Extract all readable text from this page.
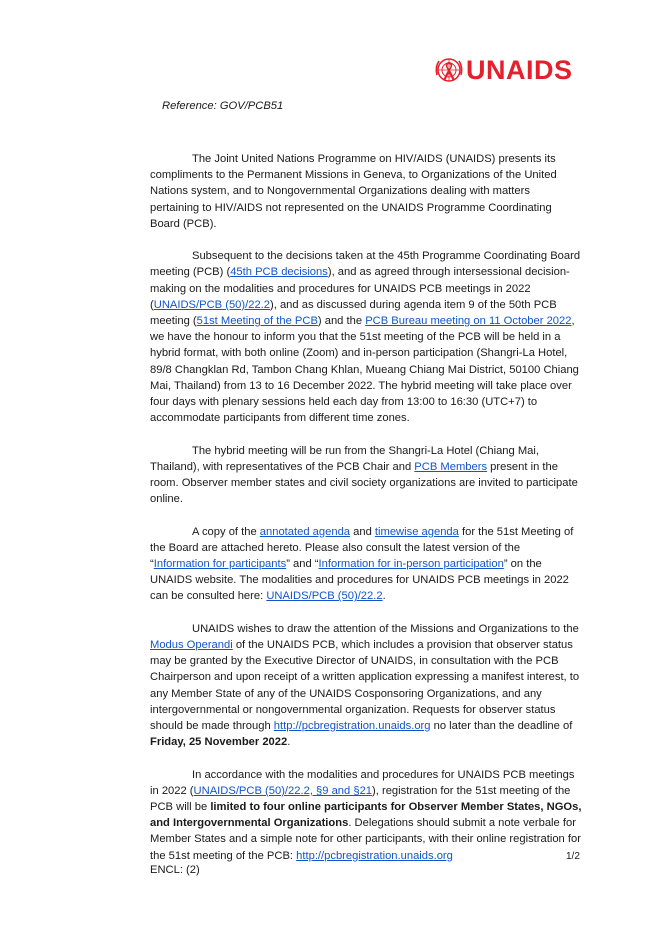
UNAIDS
Reference: GOV/PCB51

The Joint United Nations Programme on HIV/AIDS (UNAIDS) presents its compliments to the Permanent Missions in Geneva, to Organizations of the United Nations system, and to Nongovernmental Organizations dealing with matters pertaining to HIV/AIDS not represented on the UNAIDS Programme Coordinating Board (PCB).

Subsequent to the decisions taken at the 45th Programme Coordinating Board meeting (PCB) (45th PCB decisions), and as agreed through intersessional decision-making on the modalities and procedures for UNAIDS PCB meetings in 2022 (UNAIDS/PCB (50)/22.2), and as discussed during agenda item 9 of the 50th PCB meeting (51st Meeting of the PCB) and the PCB Bureau meeting on 11 October 2022, we have the honour to inform you that the 51st meeting of the PCB will be held in a hybrid format, with both online (Zoom) and in-person participation (Shangri-La Hotel, 89/8 Changklan Rd, Tambon Chang Khlan, Mueang Chiang Mai District, 50100 Chiang Mai, Thailand) from 13 to 16 December 2022. The hybrid meeting will take place over four days with plenary sessions held each day from 13:00 to 16:30 (UTC+7) to accommodate participants from different time zones.

The hybrid meeting will be run from the Shangri-La Hotel (Chiang Mai, Thailand), with representatives of the PCB Chair and PCB Members present in the room. Observer member states and civil society organizations are invited to participate online.

A copy of the annotated agenda and timewise agenda for the 51st Meeting of the Board are attached hereto. Please also consult the latest version of the “Information for participants” and “Information for in-person participation” on the UNAIDS website. The modalities and procedures for UNAIDS PCB meetings in 2022 can be consulted here: UNAIDS/PCB (50)/22.2.

UNAIDS wishes to draw the attention of the Missions and Organizations to the Modus Operandi of the UNAIDS PCB, which includes a provision that observer status may be granted by the Executive Director of UNAIDS, in consultation with the PCB Chairperson and upon receipt of a written application expressing a manifest interest, to any Member State of any of the UNAIDS Cosponsoring Organizations, and any intergovernmental or nongovernmental organization. Requests for observer status should be made through http://pcbregistration.unaids.org no later than the deadline of Friday, 25 November 2022.

In accordance with the modalities and procedures for UNAIDS PCB meetings in 2022 (UNAIDS/PCB (50)/22.2, §9 and §21), registration for the 51st meeting of the PCB will be limited to four online participants for Observer Member States, NGOs, and Intergovernmental Organizations. Delegations should submit a note verbale for Member States and a simple note for other participants, with their online registration for the 51st meeting of the PCB: http://pcbregistration.unaids.org	1/2
ENCL: (2)
